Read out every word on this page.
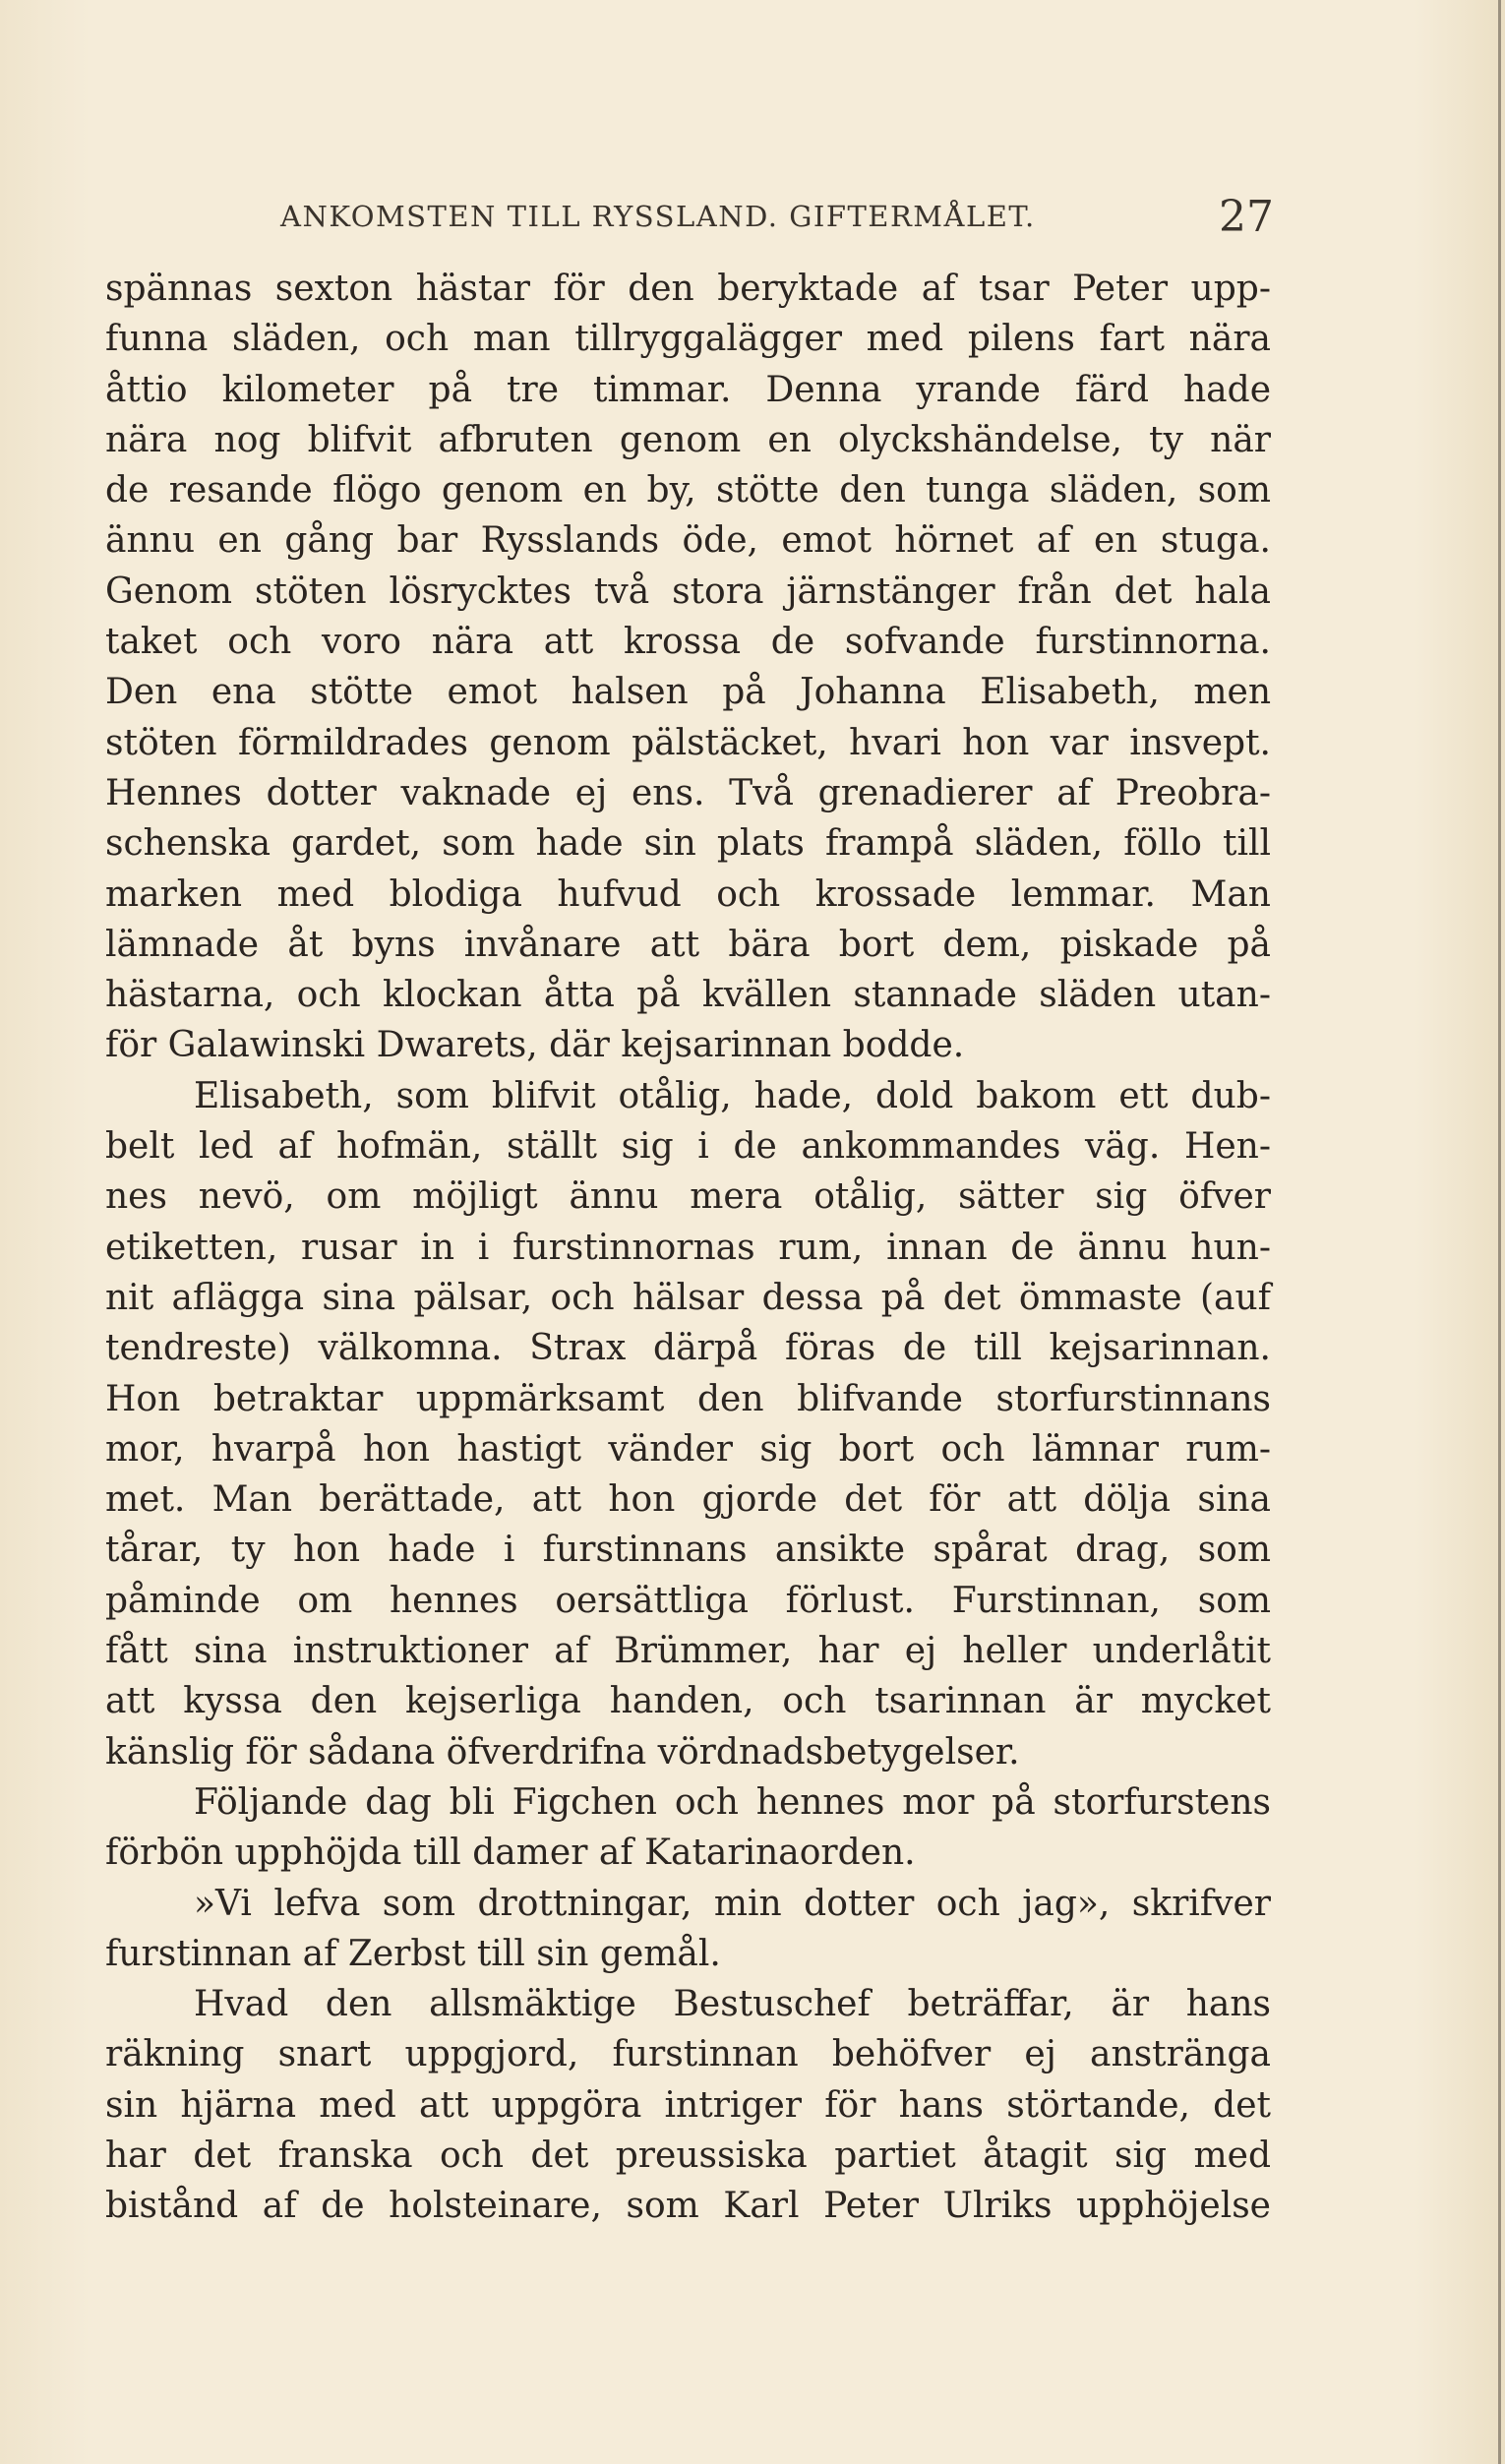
ANKOMSTEN TILL RYSSLAND. GIFTERMÅLET.	27
spännas sexton hästar för den beryktade af tsar Peter upp-
funna släden, och man tillryggalägger med pilens fart nära
åttio kilometer på tre timmar. Denna yrande färd hade
nära nog blifvit afbruten genom en olyckshändelse, ty när
de resande flögo genom en by, stötte den tunga släden, som
ännu en gång bar Rysslands öde, emot hörnet af en stuga.
Genom stöten lösrycktes två stora järnstänger från det hala
taket och voro nära att krossa de sofvande furstinnorna.
Den ena stötte emot halsen på Johanna Elisabeth, men
stöten förmildrades genom pälstäcket, hvari hon var insvept.
Hennes dotter vaknade ej ens. Två grenadierer af Preobra-
schenska gardet, som hade sin plats frampå släden, föllo till
marken med blodiga hufvud och krossade lemmar. Man
lämnade åt byns invånare att bära bort dem, piskade på
hästarna, och klockan åtta på kvällen stannade släden utan-
för Galawinski Dwarets, där kejsarinnan bodde.
Elisabeth, som blifvit otålig, hade, dold bakom ett dub-
belt led af hofmän, ställt sig i de ankommandes väg. Hen-
nes nevö, om möjligt ännu mera otålig, sätter sig öfver
etiketten, rusar in i furstinnornas rum, innan de ännu hun-
nit aflägga sina pälsar, och hälsar dessa på det ömmaste (auf
tendreste) välkomna. Strax därpå föras de till kejsarinnan.
Hon betraktar uppmärksamt den blifvande storfurstinnans
mor, hvarpå hon hastigt vänder sig bort och lämnar rum-
met. Man berättade, att hon gjorde det för att dölja sina
tårar, ty hon hade i furstinnans ansikte spårat drag, som
påminde om hennes oersättliga förlust. Furstinnan, som
fått sina instruktioner af Brümmer, har ej heller underlåtit
att kyssa den kejserliga handen, och tsarinnan är mycket
känslig för sådana öfverdrifna vördnadsbetygelser.
Följande dag bli Figchen och hennes mor på storfurstens
förbön upphöjda till damer af Katarinaorden.
»Vi lefva som drottningar, min dotter och jag», skrifver
furstinnan af Zerbst till sin gemål.
Hvad den allsmäktige Bestuschef beträffar, är hans
räkning snart uppgjord, furstinnan behöfver ej anstränga
sin hjärna med att uppgöra intriger för hans störtande, det
har det franska och det preussiska partiet åtagit sig med
bistånd af de holsteinare, som Karl Peter Ulriks upphöjelse
